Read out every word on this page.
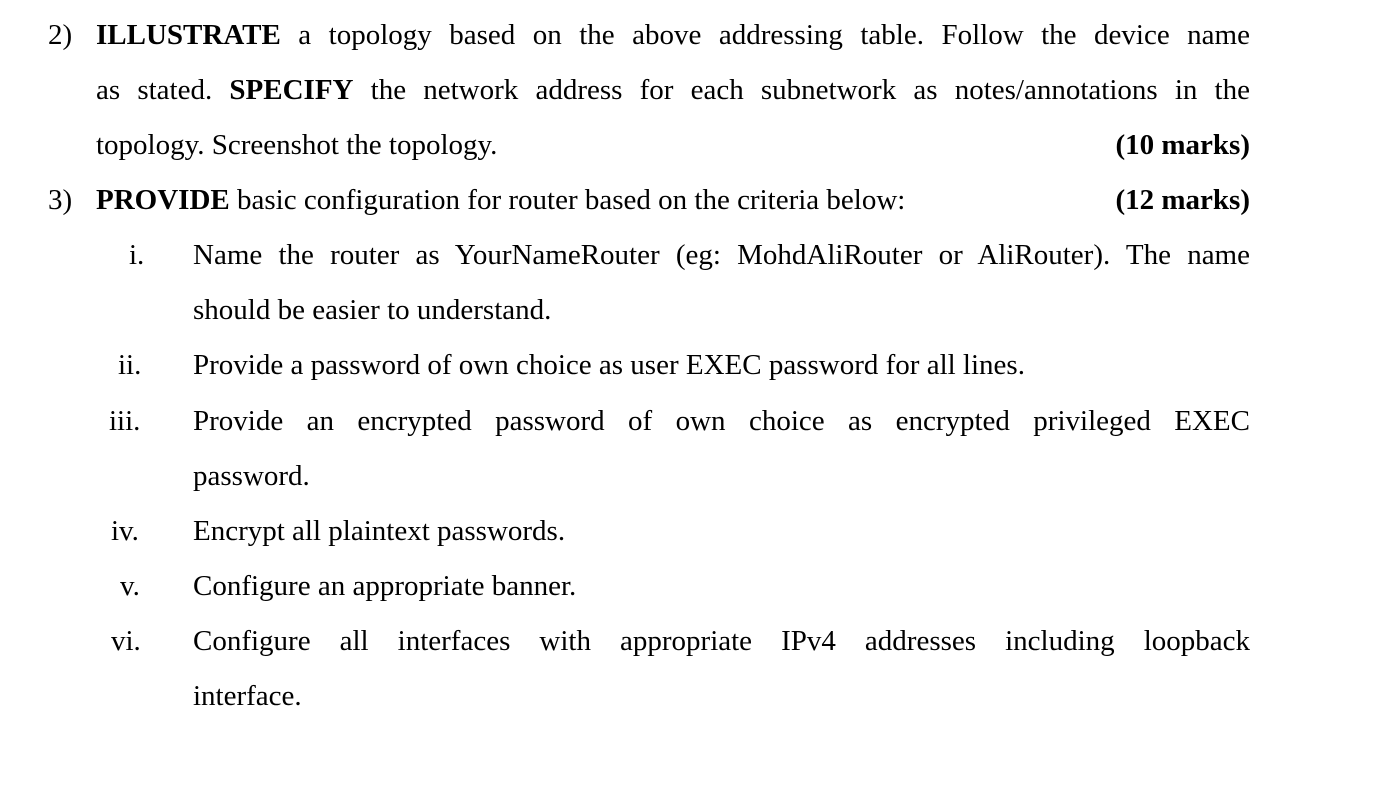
2) ILLUSTRATE a topology based on the above addressing table. Follow the device name
as stated. SPECIFY the network address for each subnetwork as notes/annotations in the
topology. Screenshot the topology.	(10 marks)
3) PROVIDE basic configuration for router based on the criteria below:	(12 marks)
i. Name the router as YourNameRouter (eg: MohdAliRouter or AliRouter). The name
should be easier to understand.
ii. Provide a password of own choice as user EXEC password for all lines.
iii. Provide an encrypted password of own choice as encrypted privileged EXEC
password.
iv. Encrypt all plaintext passwords.
v. Configure an appropriate banner.
vi. Configure all interfaces with appropriate IPv4 addresses including loopback
interface.
